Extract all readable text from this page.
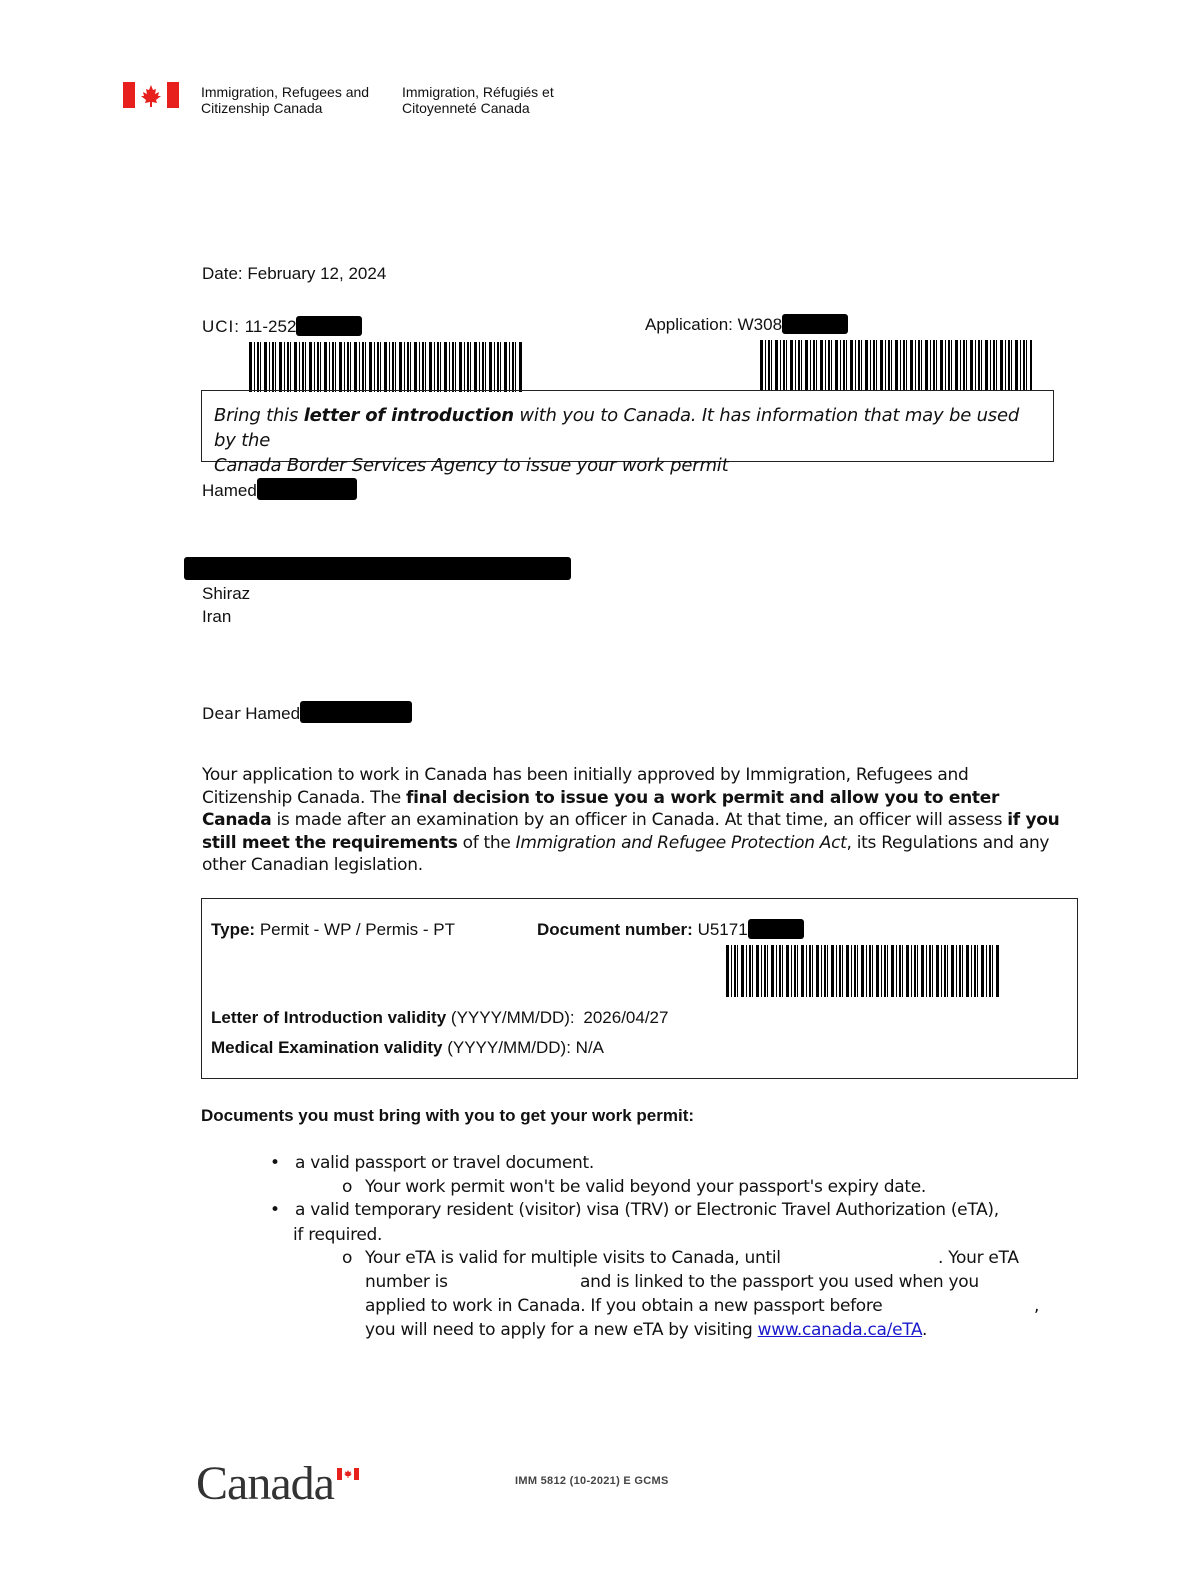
Immigration, Refugees and
Citizenship Canada
Immigration, Réfugiés et
Citoyenneté Canada
Date: February 12, 2024
UCI: 11-252	Application: W308
Bring this letter of introduction with you to Canada. It has information that may be used by the
Canada Border Services Agency to issue your work permit
Hamed
Shiraz
Iran
Dear Hamed
Your application to work in Canada has been initially approved by Immigration, Refugees and Citizenship Canada. The final decision to issue you a work permit and allow you to enter Canada is made after an examination by an officer in Canada. At that time, an officer will assess if you still meet the requirements of the Immigration and Refugee Protection Act, its Regulations and any other Canadian legislation.
Type: Permit - WP / Permis - PT	Document number: U5171
Letter of Introduction validity (YYYY/MM/DD): 2026/04/27
Medical Examination validity (YYYY/MM/DD): N/A
Documents you must bring with you to get your work permit:
• a valid passport or travel document.
o Your work permit won't be valid beyond your passport's expiry date.
• a valid temporary resident (visitor) visa (TRV) or Electronic Travel Authorization (eTA),
if required.
o Your eTA is valid for multiple visits to Canada, until	. Your eTA
number is	and is linked to the passport you used when you
applied to work in Canada. If you obtain a new passport before	,
you will need to apply for a new eTA by visiting www.canada.ca/eTA.
Canada	IMM 5812 (10-2021) E GCMS
